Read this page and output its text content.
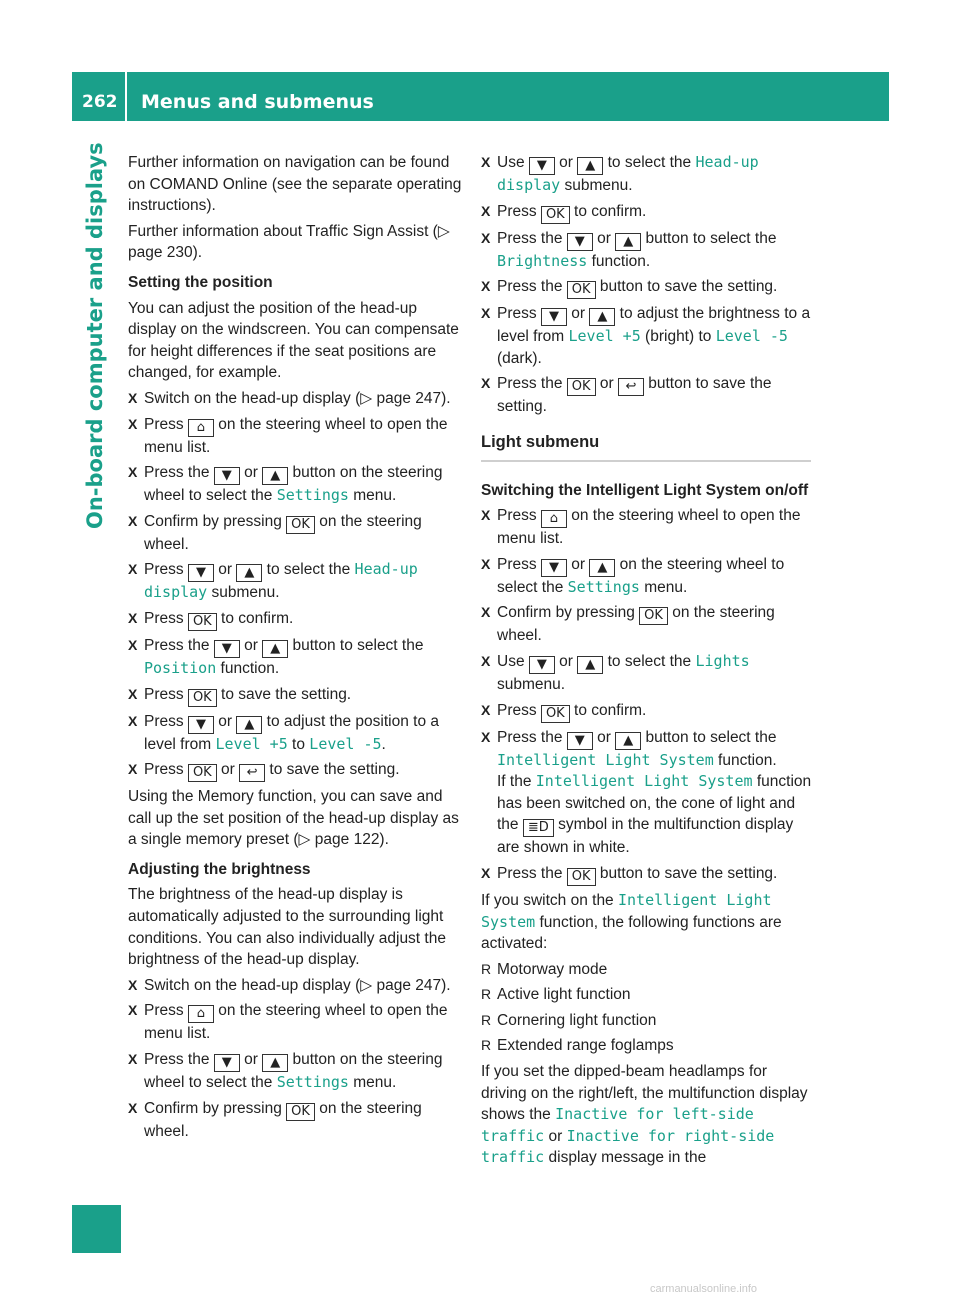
262 Menus and submenus
On-board computer and displays Further information on navigation can be found on COMAND Online (see the separate operating instructions).

Further information about Traffic Sign Assist (▷ page 230).

Setting the position

You can adjust the position of the head-up display on the windscreen. You can compensate for height differences if the seat positions are changed, for example.

X Switch on the head-up display (▷ page 247).
X Press ⌂ on the steering wheel to open the menu list.
X Press the ▼ or ▲ button on the steering wheel to select the Settings menu.
X Confirm by pressing OK on the steering wheel.
X Press ▼ or ▲ to select the Head-up display submenu.
X Press OK to confirm.
X Press the ▼ or ▲ button to select the Position function.
X Press OK to save the setting.
X Press ▼ or ▲ to adjust the position to a level from Level +5 to Level -5.
X Press OK or ↩ to save the setting.

Using the Memory function, you can save and call up the set position of the head-up display as a single memory preset (▷ page 122).

Adjusting the brightness

The brightness of the head-up display is automatically adjusted to the surrounding light conditions. You can also individually adjust the brightness of the head-up display.

X Switch on the head-up display (▷ page 247).
X Press ⌂ on the steering wheel to open the menu list.
X Press the ▼ or ▲ button on the steering wheel to select the Settings menu.
X Confirm by pressing OK on the steering wheel.
X Use ▼ or ▲ to select the Head-up display submenu.
X Press OK to confirm.
X Press the ▼ or ▲ button to select the Brightness function.
X Press the OK button to save the setting.
X Press ▼ or ▲ to adjust the brightness to a level from Level +5 (bright) to Level -5 (dark).
X Press the OK or ↩ button to save the setting.
Light submenu
Switching the Intelligent Light System on/off
X Press ⌂ on the steering wheel to open the menu list.
X Press ▼ or ▲ on the steering wheel to select the Settings menu.
X Confirm by pressing OK on the steering wheel.
X Use ▼ or ▲ to select the Lights submenu.
X Press OK to confirm.
X Press the ▼ or ▲ button to select the Intelligent Light System function.
If the Intelligent Light System function has been switched on, the cone of light and the ≣D symbol in the multifunction display are shown in white.
X Press the OK button to save the setting.

If you switch on the Intelligent Light System function, the following functions are activated:

R Motorway mode
R Active light function
R Cornering light function
R Extended range foglamps

If you set the dipped-beam headlamps for driving on the right/left, the multifunction display shows the Inactive for left-side traffic or Inactive for right-side traffic display message in the

carmanualsonline.info
